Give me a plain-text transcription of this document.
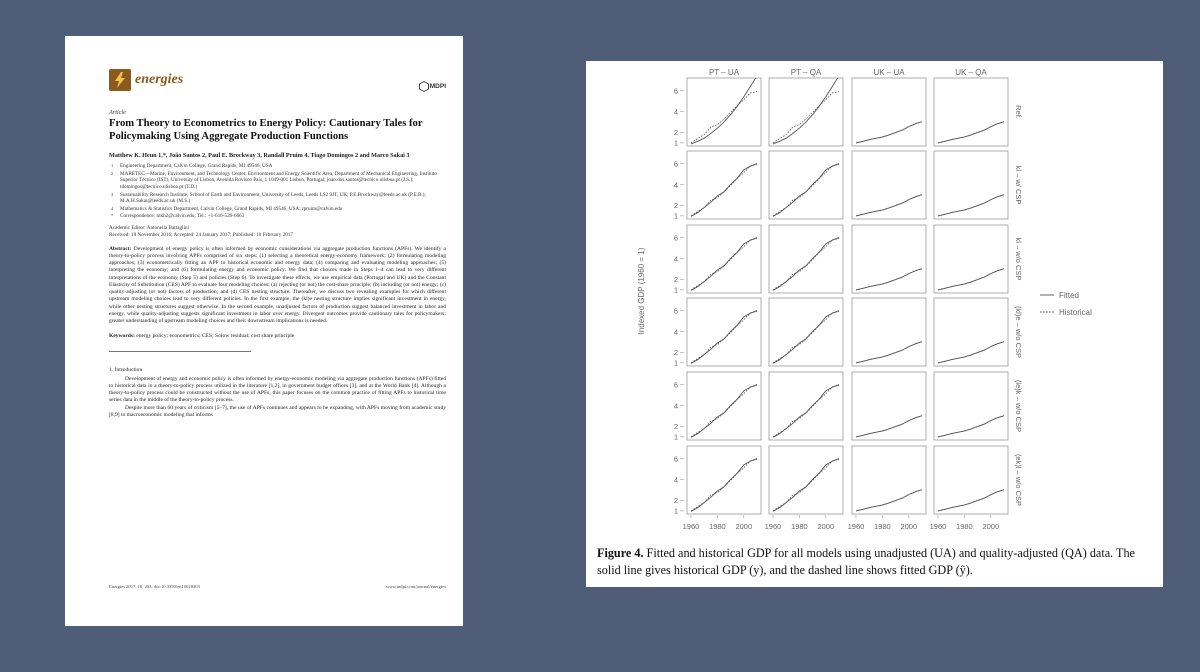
energies	MDPI
Article
From Theory to Econometrics to Energy Policy: Cautionary Tales for Policymaking Using Aggregate Production Functions
Matthew K. Heun 1,*, João Santos 2, Paul E. Brockway 3, Randall Pruim 4, Tiago Domingos 2 and Marco Sakai 3
1	Engineering Department, Calvin College, Grand Rapids, MI 49546, USA
2	MARETEC—Marine, Environment, and Technology Center, Environment and Energy Scientific Area, Department of Mechanical Engineering, Instituto Superior Técnico (IST), University of Lisbon, Avenida Rovisco Pais, 1 1049-001 Lisbon, Portugal; joao.dos.santos@tecnico.ulisboa.pt (J.S.); tdomingos@tecnico.ulisboa.pt (T.D.)
3	Sustainability Research Institute, School of Earth and Environment, University of Leeds, Leeds LS2 9JT, UK; P.E.Brockway@leeds.ac.uk (P.E.B.); M.A.H.Sakai@leeds.ac.uk (M.S.)
4	Mathematics & Statistics Department, Calvin College, Grand Rapids, MI 49546, USA; rpruim@calvin.edu
*	Correspondence: mkh2@calvin.edu; Tel.: +1-616-526-6663
Academic Editor: Antonella Battaglini
Received: 18 November 2016; Accepted: 24 January 2017; Published: 10 February 2017
Abstract: Development of energy policy is often informed by economic considerations via aggregate production functions (APFs). We identify a theory-to-policy process involving APFs comprised of six steps: (1) selecting a theoretical energy-economy framework; (2) formulating modeling approaches; (3) econometrically fitting an APF to historical economic and energy data; (4) comparing and evaluating modeling approaches; (5) interpreting the economy; and (6) formulating energy and economic policy. We find that choices made in Steps 1–4 can lead to very different interpretations of the economy (Step 5) and policies (Step 6). To investigate these effects, we use empirical data (Portugal and UK) and the Constant Elasticity of Substitution (CES) APF to evaluate four modeling choices: (a) rejecting (or not) the cost-share principle; (b) including (or not) energy; (c) quality-adjusting (or not) factors of production; and (d) CES nesting structure. Thereafter, we discuss two revealing examples for which different upstream modeling choices lead to very different policies. In the first example, the (kl)e nesting structure implies significant investment in energy, while other nesting structures suggest otherwise. In the second example, unadjusted factors of production suggest balanced investment in labor and energy, while quality-adjusting suggests significant investment in labor over energy. Divergent outcomes provide cautionary tales for policymakers: greater understanding of upstream modeling choices and their downstream implications is needed.
Keywords: energy policy; econometrics; CES; Solow residual; cost share principle
1. Introduction

Development of energy and economic policy is often informed by energy-economic modeling via aggregate production functions (APFs) fitted to historical data in a theory-to-policy process utilized in the literature [1,2], in government budget offices [3], and at the World Bank [4]. Although a theory-to-policy process could be constructed without the use of APFs, this paper focuses on the common practice of fitting APFs to historical time series data in the middle of the theory-to-policy process.

Despite more than 60 years of criticism [5–7], the use of APFs continues and appears to be expanding, with APFs moving from academic study [8,9] to macroeconomic modeling that informs

Energies 2017, 10, 203; doi:10.3390/en10020203	www.mdpi.com/journal/energies
PT – UA	PT – QA	UK – UA	UK – QA
Ref.
kl – w/ CSP
kl – w/o CSP
(kl)e – w/o CSP
(le)k – w/o CSP
(ek)l – w/o CSP
Indexed GDP (1960 = 1)
1
2
4
6
1
2
4
6
1
2
4
6
1
2
4
6
1
2
4
6
1
2
4
6
1960 1980 2000 1960 1980 2000 1960 1980 2000 1960 1980 2000
Fitted
Historical
Figure 4. Fitted and historical GDP for all models using unadjusted (UA) and quality-adjusted (QA) data. The solid line gives historical GDP (y), and the dashed line shows fitted GDP (ŷ).
